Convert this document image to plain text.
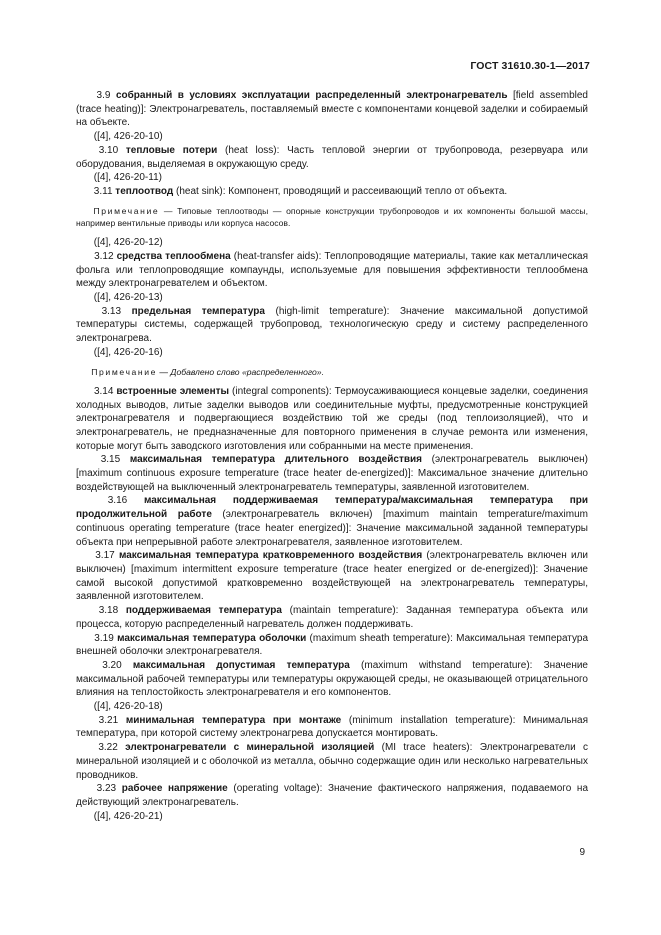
ГОСТ 31610.30-1—2017

   3.9 собранный в условиях эксплуатации распределенный электронагреватель [field assembled (trace heating)]: Электронагреватель, поставляемый вместе с компонентами концевой заделки и собираемый на объекте.

   ([4], 426-20-10)

   3.10 тепловые потери (heat loss): Часть тепловой энергии от трубопровода, резервуара или оборудования, выделяемая в окружающую среду.

   ([4], 426-20-11)

   3.11 теплоотвод (heat sink): Компонент, проводящий и рассеивающий тепло от объекта.

   Примечание — Типовые теплоотводы — опорные конструкции трубопроводов и их компоненты большой массы, например вентильные приводы или корпуса насосов.

   ([4], 426-20-12)

   3.12 средства теплообмена (heat-transfer aids): Теплопроводящие материалы, такие как металлическая фольга или теплопроводящие компаунды, используемые для повышения эффективности теплообмена между электронагревателем и объектом.

   ([4], 426-20-13)

   3.13 предельная температура (high-limit temperature): Значение максимальной допустимой температуры системы, содержащей трубопровод, технологическую среду и систему распределенного электронагрева.

   ([4], 426-20-16)

   Примечание — Добавлено слово «распределенного».

   3.14 встроенные элементы (integral components): Термоусаживающиеся концевые заделки, соединения холодных выводов, литые заделки выводов или соединительные муфты, предусмотренные конструкцией электронагревателя и подвергающиеся воздействию той же среды (под теплоизоляцией), что и электронагреватель, не предназначенные для повторного применения в случае ремонта или изменения, которые могут быть заводского изготовления или собранными на месте применения.

   3.15 максимальная температура длительного воздействия (электронагреватель выключен) [maximum continuous exposure temperature (trace heater de-energized)]: Максимальное значение длительно воздействующей на выключенный электронагреватель температуры, заявленной изготовителем.

   3.16 максимальная поддерживаемая температура/максимальная температура при продолжительной работе (электронагреватель включен) [maximum maintain temperature/maximum continuous operating temperature (trace heater energized)]: Значение максимальной заданной температуры объекта при непрерывной работе электронагревателя, заявленное изготовителем.

   3.17 максимальная температура кратковременного воздействия (электронагреватель включен или выключен) [maximum intermittent exposure temperature (trace heater energized or de-energized)]: Значение самой высокой допустимой кратковременно воздействующей на электронагреватель температуры, заявленной изготовителем.

   3.18 поддерживаемая температура (maintain temperature): Заданная температура объекта или процесса, которую распределенный нагреватель должен поддерживать.

   3.19 максимальная температура оболочки (maximum sheath temperature): Максимальная температура внешней оболочки электронагревателя.

   3.20 максимальная допустимая температура (maximum withstand temperature): Значение максимальной рабочей температуры или температуры окружающей среды, не оказывающей отрицательного влияния на теплостойкость электронагревателя и его компонентов.

   ([4], 426-20-18)

   3.21 минимальная температура при монтаже (minimum installation temperature): Минимальная температура, при которой систему электронагрева допускается монтировать.

   3.22 электронагреватели с минеральной изоляцией (MI trace heaters): Электронагреватели с минеральной изоляцией и с оболочкой из металла, обычно содержащие один или несколько нагревательных проводников.

   3.23 рабочее напряжение (operating voltage): Значение фактического напряжения, подаваемого на действующий электронагреватель.

   ([4], 426-20-21)

9
